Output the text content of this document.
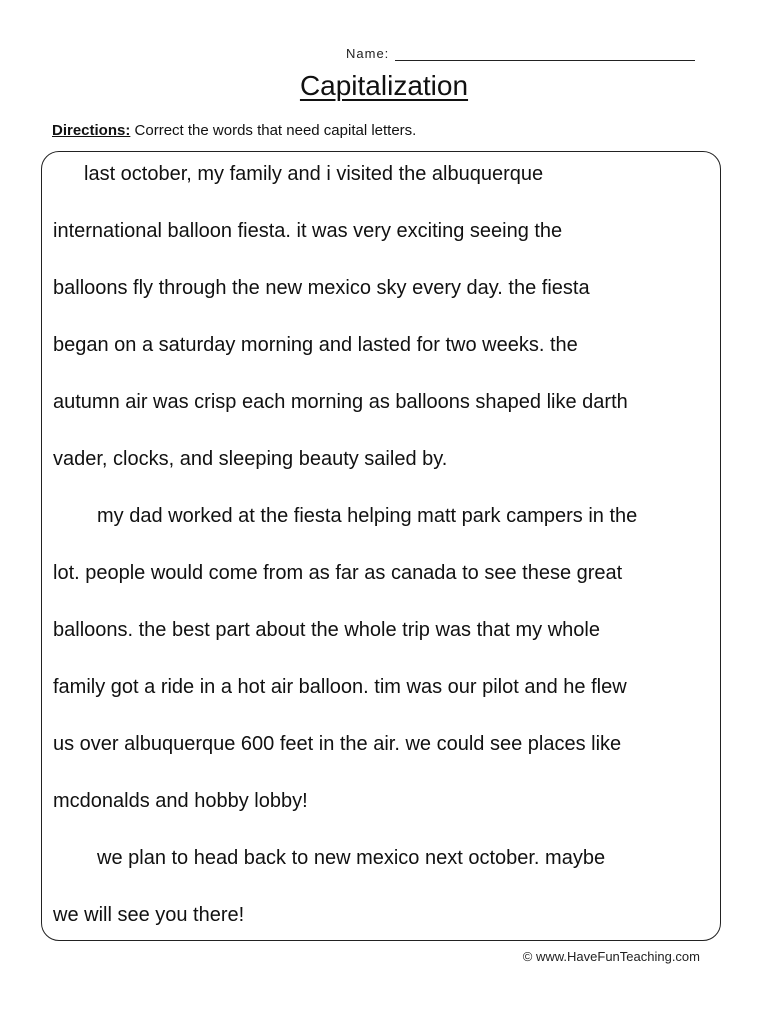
Name:
Capitalization
Directions: Correct the words that need capital letters.
last october, my family and i visited the albuquerque
international balloon fiesta. it was very exciting seeing the
balloons fly through the new mexico sky every day. the fiesta
began on a saturday morning and lasted for two weeks. the
autumn air was crisp each morning as balloons shaped like darth
vader, clocks, and sleeping beauty sailed by.
my dad worked at the fiesta helping matt park campers in the
lot. people would come from as far as canada to see these great
balloons. the best part about the whole trip was that my whole
family got a ride in a hot air balloon. tim was our pilot and he flew
us over albuquerque 600 feet in the air. we could see places like
mcdonalds and hobby lobby!
we plan to head back to new mexico next october. maybe
we will see you there!
© www.HaveFunTeaching.com
